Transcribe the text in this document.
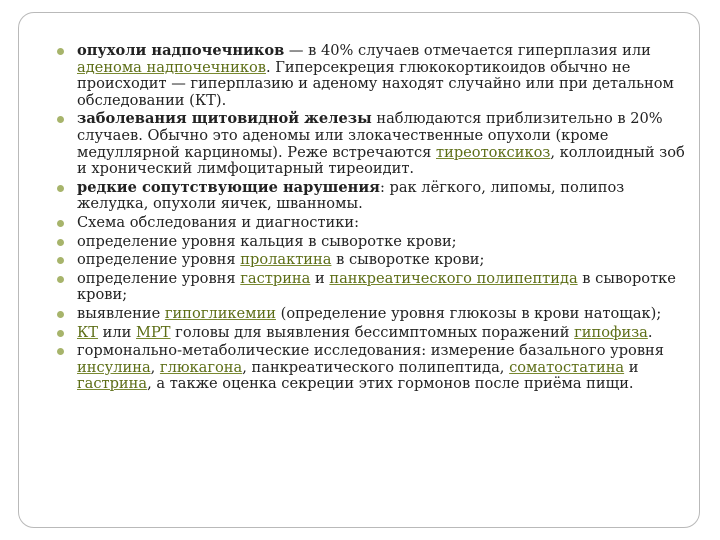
опухоли надпочечников — в 40% случаев отмечается гиперплазия или аденома надпочечников. Гиперсекреция глюкокортикоидов обычно не происходит — гиперплазию и аденому находят случайно или при детальном обследовании (КТ).
заболевания щитовидной железы наблюдаются приблизительно в 20% случаев. Обычно это аденомы или злокачественные опухоли (кроме медуллярной карциномы). Реже встречаются тиреотоксикоз, коллоидный зоб и хронический лимфоцитарный тиреоидит.
редкие сопутствующие нарушения: рак лёгкого, липомы, полипоз желудка, опухоли яичек, шванномы.
Схема обследования и диагностики:
определение уровня кальция в сыворотке крови;
определение уровня пролактина в сыворотке крови;
определение уровня гастрина и панкреатического полипептида в сыворотке крови;
выявление гипогликемии (определение уровня глюкозы в крови натощак);
КТ или МРТ головы для выявления бессимптомных поражений гипофиза.
гормонально-метаболические исследования: измерение базального уровня инсулина, глюкагона, панкреатического полипептида, соматостатина и гастрина, а также оценка секреции этих гормонов после приёма пищи.
